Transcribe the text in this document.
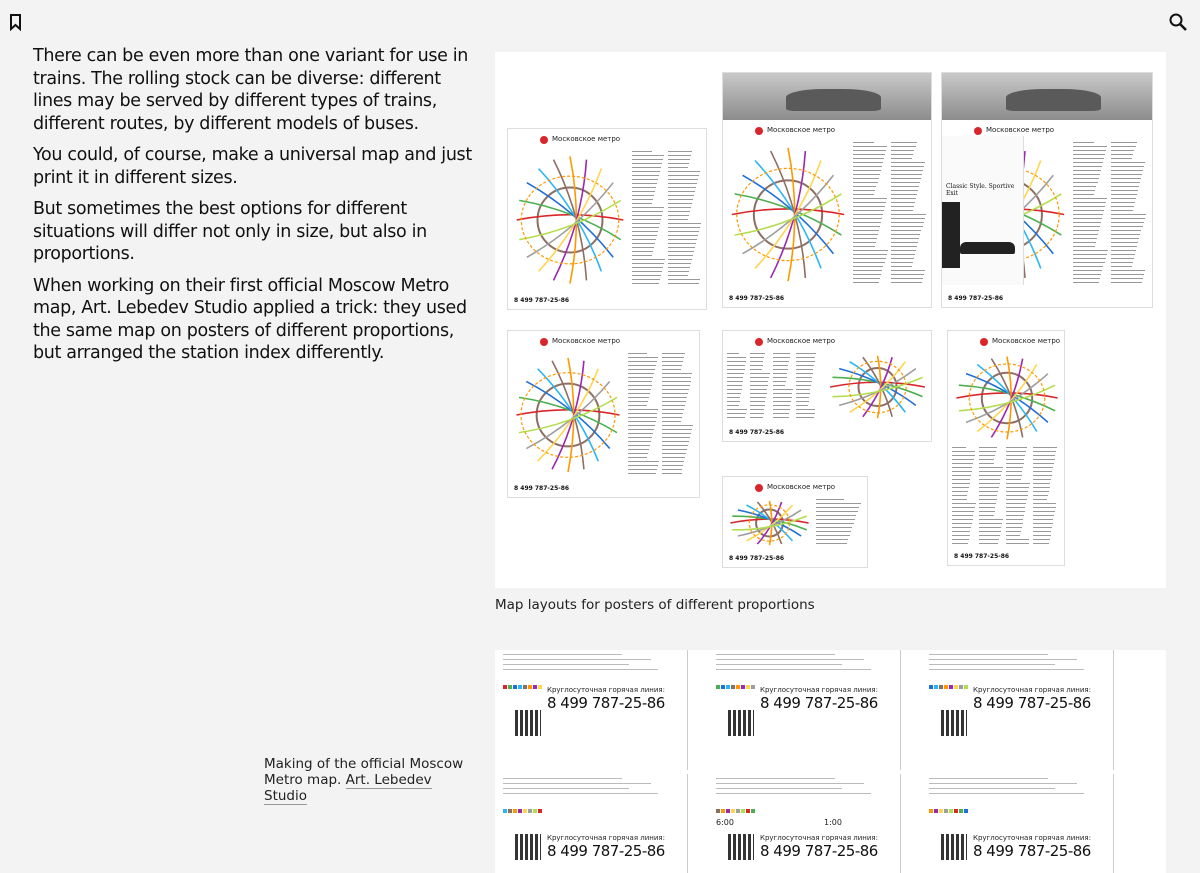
There can be even more than one variant for use in trains. The rolling stock can be diverse: different lines may be served by different types of trains, different routes, by different models of buses.

You could, of course, make a universal map and just print it in different sizes.

But sometimes the best options for different situations will differ not only in size, but also in proportions.

When working on their first official Moscow Metro map, Art. Lebedev Studio applied a trick: they used the same map on posters of different proportions, but arranged the station index differently.

Московское метро
8 499 787-25-86
Московское метро
8 499 787-25-86
Московское метро
Classic Style. Sportive Exit
8 499 787-25-86
Московское метро
8 499 787-25-86
Московское метро
8 499 787-25-86
Московское метро
8 499 787-25-86
Московское метро
8 499 787-25-86
Map layouts for posters of different proportions
Making of the official Moscow Metro map. Art. Lebedev Studio
Круглосуточная горячая линия:
8 499 787-25-86
Круглосуточная горячая линия:
8 499 787-25-86
Круглосуточная горячая линия:
8 499 787-25-86
Круглосуточная горячая линия:
8 499 787-25-86
Круглосуточная горячая линия:
8 499 787-25-86
6:00	1:00
Круглосуточная горячая линия:
8 499 787-25-86
